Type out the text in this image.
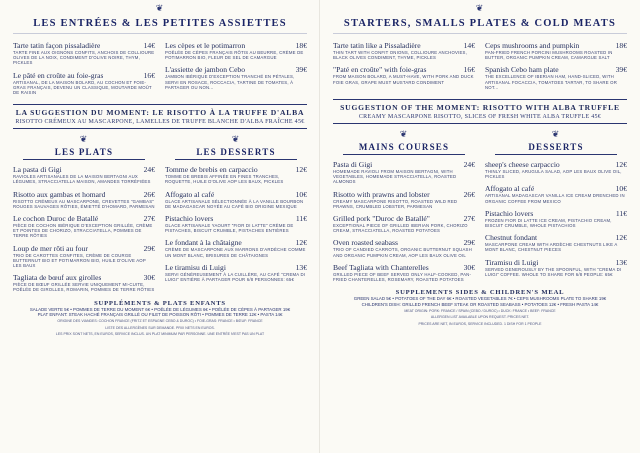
❦
LES ENTRÉES & LES PETITES ASSIETTES
Tarte tatin façon pissaladière	14€
TARTE FINE AUX OIGNONS CONFITS, ANCHOIS DE COLLIOURE OLIVES DE LA NOIX, CONDIMENT D'OLIVE NOIRE, THYM, PICKLES
Le pâté en croûte au foie-gras	16€
ARTISANAL, DE LA MAISON BOLARD, AU COCHON ET FOIE-GRAS FRANÇAIS, DEVENU UN CLASSIQUE, MOUTARDE MOÛT DE RAISIN
Les cèpes et le potimarron	18€
POÊLÉE DE CÈPES FRANÇAIS RÔTIS AU BEURRE, CRÈME DE POTIMARRON BIO, FLEUR DE SEL DE CAMARGUE
L'assiette de jambon Cebo	39€
JAMBON IBÉRIQUE D'EXCEPTION TRANCHÉ EN PÉTALES, SERVI EN ROSACE, ROCCACIA, TARTINE DE TOMATES, À PARTAGER OU NON...
LA SUGGESTION DU MOMENT: LE RISOTTO À LA TRUFFE D'ALBA
RISOTTO CRÉMEUX AU MASCARPONE, LAMELLES DE TRUFFE BLANCHE D'ALBA FRAÎCHE 45€
❦
LES PLATS
La pasta di Gigi	24€
RAVIOLES ARTISANALES DE LA MAISON BERTAGNI AUX LÉGUMES, STRACCIATELLA MAISON, AMANDES TORRÉFIÉES
Risotto aux gambas et homard	26€
RISOTTO CRÉMEUX AU MASCARPONE, CREVETTES "GAMBAS" ROUGES SAUVAGES RÔTIES, ÉMIETTÉ D'HOMARD, PARMESAN
Le cochon Duroc de Batallé	27€
PIÈCE DE COCHON IBÉRIQUE D'EXCEPTION GRILLÉE, CRÈME ET POINTES DE CHORIZO, STRACCIATELLA, POMMES DE TERRE RÔTIES
Loup de mer rôti au four	29€
TRIO DE CAROTTES CONFITES, CRÈME DE COURGE BUTTERNUT BIO ET POTIMARRON BIO, HUILE D'OLIVE AOP LES BAUX
Tagliata de bœuf aux girolles	30€
PIÈCE DE BŒUF GRILLÉE SERVIE UNIQUEMENT MI-CUITE, POÊLÉE DE GIROLLES, ROMARIN, POMMES DE TERRE RÔTIES
❦
LES DESSERTS
Tomme de brebis en carpaccio	12€
TOMME DE BREBIS AFFINÉE EN FINES TRANCHES, ROQUETTE, HUILE D'OLIVE AOP LES BAUX, PICKLES
Affogato al café	10€
GLACE ARTISANALE SÉLECTIONNÉE À LA VANILLE BOURBON DE MADAGASCAR NOYÉE AU CAFÉ BIO ORIGINE MEXIQUE
Pistachio lovers	11€
GLACE ARTISANALE YAOURT "FIOR DI LATTE" CRÈME DE PISTACHES, BISCUIT CRUMBLE, PISTACHES ENTIÈRES
Le fondant à la châtaigne	12€
CRÈME DE MASCARPONE AUX MARRONS D'ARDÈCHE COMME UN MONT BLANC, BRISURES DE CHÂTAIGNES
Le tiramisu di Luigi	13€
SERVI GÉNÉREUSEMENT À LA CUILLÈRE, AU CAFÉ "CREMA DI LUIGI" ENTIÈRE À PARTAGER POUR 6/8 PERSONNES: 65€
SUPPLÉMENTS & PLATS ENFANTS
SALADE VERTE 5€ • POMMES DE TERRE DU MOMENT 6€ • POÊLÉE DE LÉGUMES 6€ • POÊLÉE DE CÈPES À PARTAGER 19€
PLAT ENFANT: STEAK HACHÉ FRANÇAIS GRILLÉ OU FILET DE POISSON RÔTI • POMMES DE TERRE 12€ • PASTA 14€
ORIGINE DES VIANDES: COCHON FRANCE (FRITZ ET ESPAGNE CEBO & DUROC) • FOIE-GRAS: FRANCE • BŒUF: FRANCE
LISTE DES ALLERGÈNES SUR DEMANDE. PRIX NETS EN EUROS.
LES PRIX SONT NETS, EN EUROS, SERVICE INCLUS. UN PLAT MINIMUM PAR PERSONNE. UNE ENTRÉE N'EST PAS UN PLAT
❦
STARTERS, SMALLS PLATES & COLD MEATS
Tarte tatin like a Pissaladière	14€
THIN TART WITH CONFIT ONIONS, COLLIOURE ANCHOVIES, BLACK OLIVES CONDIMENT, THYME, PICKLES
"Paté en croûte" with foie-gras	16€
FROM MAISON BOLARD, A MUST-HAVE, WITH PORK AND DUCK FOIE GRAS, GRAPE MUST MUSTARD CONDIMENT
Ceps mushrooms and pumpkin	18€
PAN-FRIED FRENCH PORCINI MUSHROOMS ROASTED IN BUTTER, ORGANIC PUMPKIN CREAM, CAMARGUE SALT
Spanish Cebo ham plate	39€
THE EXCELLENCE OF IBERIAN HAM, HAND-SLICED, WITH ARTISANAL FOCACCIA, TOMATOES TARTAR, TO SHARE OR NOT...
SUGGESTION OF THE MOMENT: RISOTTO WITH ALBA TRUFFLE
CREAMY MASCARPONE RISOTTO, SLICES OF FRESH WHITE ALBA TRUFFLE 45€
❦
MAINS COURSES
Pasta di Gigi	24€
HOMEMADE RAVIOLI FROM MAISON BERTAGNI, WITH VEGETABLES, HOMEMADE STRACCIATELLA, ROASTED ALMONDS
Risotto with prawns and lobster	26€
CREAMY MASCARPONE RISOTTO, ROASTED WILD RED PRAWNS, CRUMBLED LOBSTER, PARMESAN
Grilled pork "Duroc de Batallé"	27€
EXCEPTIONAL PIECE OF GRILLED IBERIAN PORK, CHORIZO CREAM, STRACCIATELLA, ROASTED POTATOES
Oven roasted seabass	29€
TRIO OF CANDIED CARROTS, ORGANIC BUTTERNUT SQUASH AND ORGANIC PUMPKIN CREAM, AOP LES BAUX OLIVE OIL
Beef Tagliata with Chanterelles	30€
GRILLED PIECE OF BEEF SERVED ONLY HALF-COOKED, PAN-FRIED CHANTERELLES, ROSEMARY, ROASTED POTATOES
❦
DESSERTS
sheep's cheese carpaccio	12€
THINLY SLICED, ARUGULA SALAD, AOP LES BAUX OLIVE OIL, PICKLES
Affogato al café	10€
ARTISANAL MADAGASCAR VANILLA ICE CREAM DRENCHED IN ORGANIC COFFEE FROM MEXICO
Pistachio lovers	11€
FROZEN FIOR DI LATTE ICE CREAM, PISTACHIO CREAM, BISCUIT CRUMBLE, WHOLE PISTACHIOS
Chestnut fondant	12€
MASCARPONE CREAM WITH ARDÈCHE CHESTNUTS LIKE A MONT BLANC, CHESTNUT PIECES
Tiramisu di Luigi	13€
SERVED GENEROUSLY BY THE SPOONFUL, WITH "CREMA DI LUIGI" COFFEE. WHOLE TO SHARE FOR 6/8 PEOPLE: 65€
SUPPLEMENTS SIDES & CHILDREN'S MEAL
GREEN SALAD 5€ • POTATOES OF THE DAY 6€ • ROASTED VEGETABLES 7€ • CEPS MUSHROOMS PLATE TO SHARE 19€
CHILDREN'S DISH: GRILLED FRENCH BEEF STEAK OR ROASTED SEABASS • POTATOES 12€ • FRESH PASTA 14€
MEAT ORIGIN: PORK: FRANCE / SPAIN (CEBO / DUROC) • DUCK: FRANCE • BEEF: FRANCE
ALLERGEN LIST AVAILABLE UPON REQUEST. PRICES NET.
PRICES ARE NET, IN EUROS, SERVICE INCLUDED. 1 DISH FOR 1 PEOPLE
